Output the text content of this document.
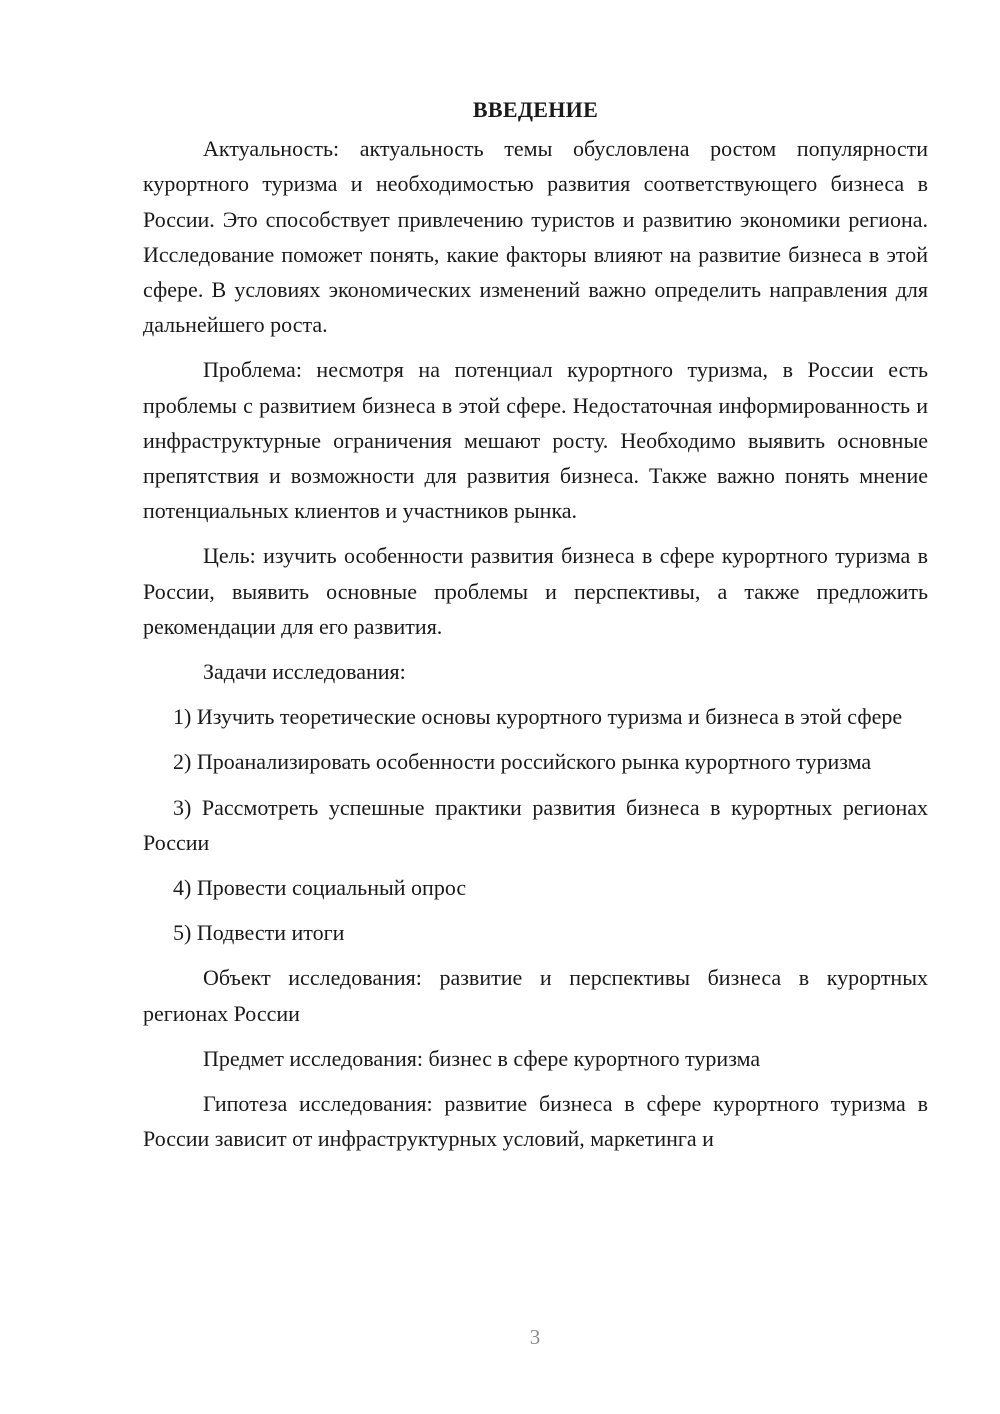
ВВЕДЕНИЕ

Актуальность: актуальность темы обусловлена ростом популярности курортного туризма и необходимостью развития соответствующего бизнеса в России. Это способствует привлечению туристов и развитию экономики региона. Исследование поможет понять, какие факторы влияют на развитие бизнеса в этой сфере. В условиях экономических изменений важно определить направления для дальнейшего роста.

Проблема: несмотря на потенциал курортного туризма, в России есть проблемы с развитием бизнеса в этой сфере. Недостаточная информированность и инфраструктурные ограничения мешают росту. Необходимо выявить основные препятствия и возможности для развития бизнеса. Также важно понять мнение потенциальных клиентов и участников рынка.

Цель: изучить особенности развития бизнеса в сфере курортного туризма в России, выявить основные проблемы и перспективы, а также предложить рекомендации для его развития.

Задачи исследования:

1) Изучить теоретические основы курортного туризма и бизнеса в этой сфере

2) Проанализировать особенности российского рынка курортного туризма

3) Рассмотреть успешные практики развития бизнеса в курортных регионах России

4) Провести социальный опрос

5) Подвести итоги

Объект исследования: развитие и перспективы бизнеса в курортных регионах России

Предмет исследования: бизнес в сфере курортного туризма

Гипотеза исследования: развитие бизнеса в сфере курортного туризма в России зависит от инфраструктурных условий, маркетинга и

3
